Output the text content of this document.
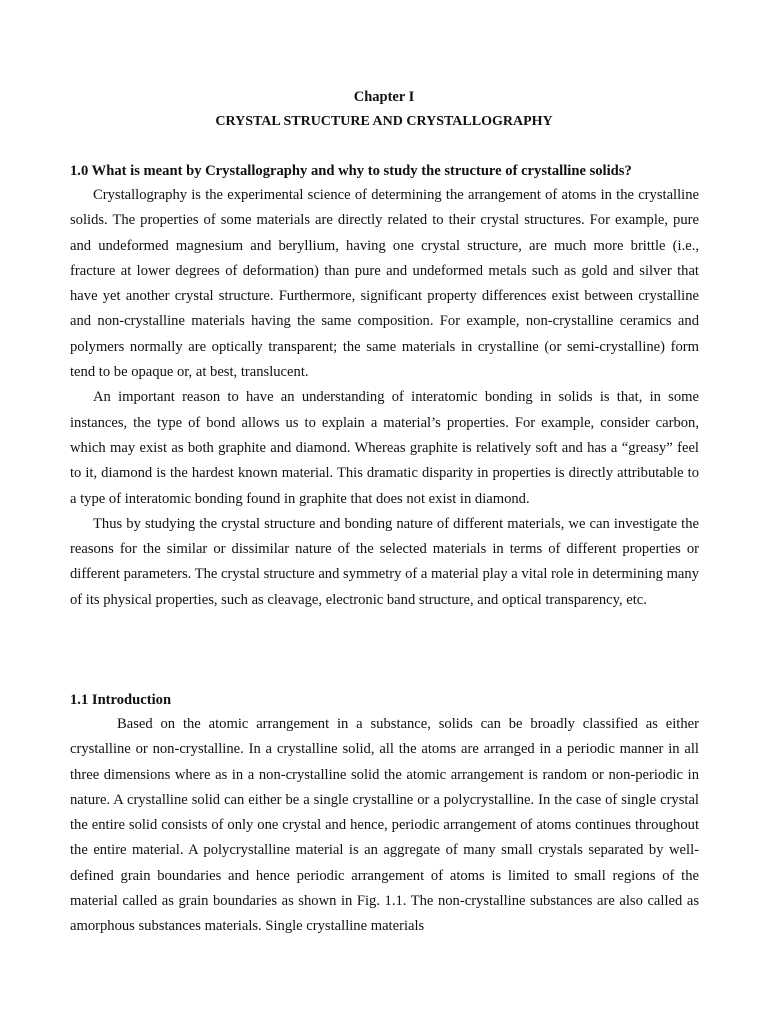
Chapter I
CRYSTAL STRUCTURE AND CRYSTALLOGRAPHY
1.0 What is meant by Crystallography and why to study the structure of crystalline solids?

Crystallography is the experimental science of determining the arrangement of atoms in the crystalline solids. The properties of some materials are directly related to their crystal structures. For example, pure and undeformed magnesium and beryllium, having one crystal structure, are much more brittle (i.e., fracture at lower degrees of deformation) than pure and undeformed metals such as gold and silver that have yet another crystal structure. Furthermore, significant property differences exist between crystalline and non-crystalline materials having the same composition. For example, non-crystalline ceramics and polymers normally are optically transparent; the same materials in crystalline (or semi-crystalline) form tend to be opaque or, at best, translucent.

An important reason to have an understanding of interatomic bonding in solids is that, in some instances, the type of bond allows us to explain a material’s properties. For example, consider carbon, which may exist as both graphite and diamond. Whereas graphite is relatively soft and has a “greasy” feel to it, diamond is the hardest known material. This dramatic disparity in properties is directly attributable to a type of interatomic bonding found in graphite that does not exist in diamond.

Thus by studying the crystal structure and bonding nature of different materials, we can investigate the reasons for the similar or dissimilar nature of the selected materials in terms of different properties or different parameters. The crystal structure and symmetry of a material play a vital role in determining many of its physical properties, such as cleavage, electronic band structure, and optical transparency, etc.

1.1 Introduction

Based on the atomic arrangement in a substance, solids can be broadly classified as either crystalline or non-crystalline. In a crystalline solid, all the atoms are arranged in a periodic manner in all three dimensions where as in a non-crystalline solid the atomic arrangement is random or non-periodic in nature. A crystalline solid can either be a single crystalline or a polycrystalline. In the case of single crystal the entire solid consists of only one crystal and hence, periodic arrangement of atoms continues throughout the entire material. A polycrystalline material is an aggregate of many small crystals separated by well-defined grain boundaries and hence periodic arrangement of atoms is limited to small regions of the material called as grain boundaries as shown in Fig. 1.1. The non-crystalline substances are also called as amorphous substances materials. Single crystalline materials
